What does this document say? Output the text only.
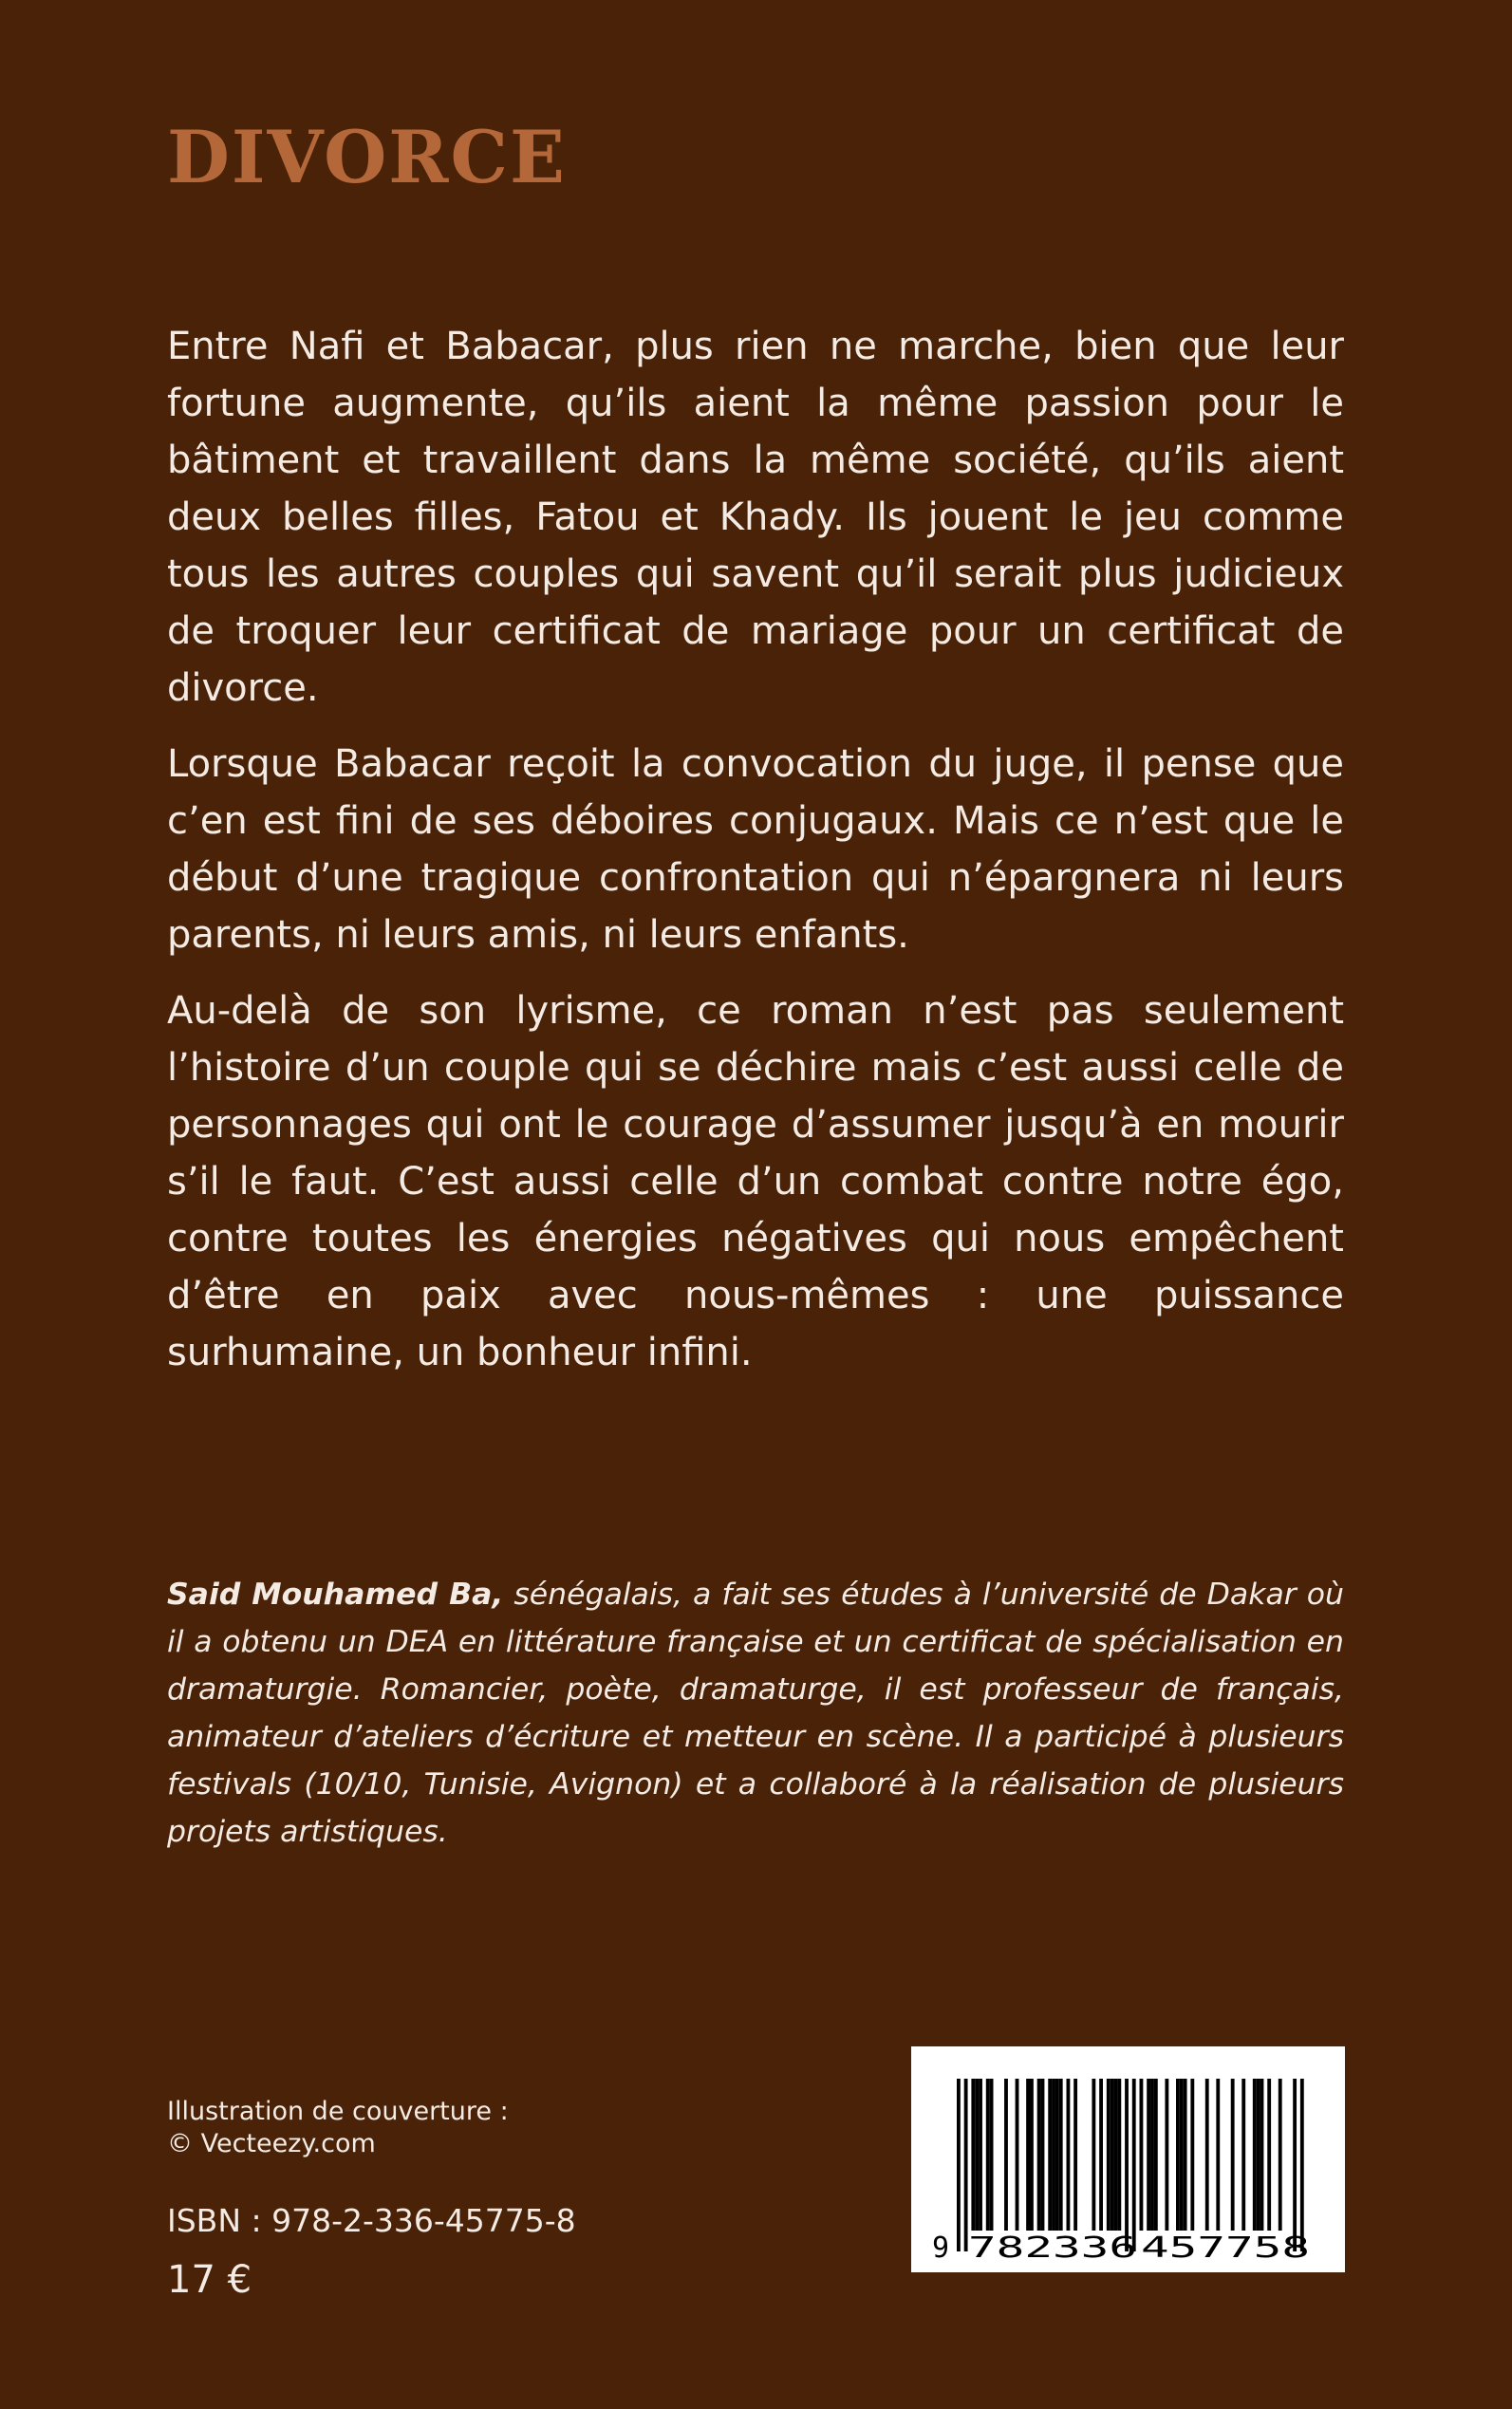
DIVORCE

Entre Nafi et Babacar, plus rien ne marche, bien que leur fortune augmente, qu’ils aient la même passion pour le bâtiment et travaillent dans la même société, qu’ils aient deux belles filles, Fatou et Khady. Ils jouent le jeu comme tous les autres couples qui savent qu’il serait plus judicieux de troquer leur certificat de mariage pour un certificat de divorce.

Lorsque Babacar reçoit la convocation du juge, il pense que c’en est fini de ses déboires conjugaux. Mais ce n’est que le début d’une tragique confrontation qui n’épargnera ni leurs parents, ni leurs amis, ni leurs enfants.

Au-delà de son lyrisme, ce roman n’est pas seulement l’histoire d’un couple qui se déchire mais c’est aussi celle de personnages qui ont le courage d’assumer jusqu’à en mourir s’il le faut. C’est aussi celle d’un combat contre notre égo, contre toutes les énergies négatives qui nous empêchent d’être en paix avec nous-mêmes : une puissance surhumaine, un bonheur infini.

Said Mouhamed Ba, sénégalais, a fait ses études à l’université de Dakar où il a obtenu un DEA en littérature française et un certificat de spécialisation en dramaturgie. Romancier, poète, dramaturge, il est professeur de français, animateur d’ateliers d’écriture et metteur en scène. Il a participé à plusieurs festivals (10/10, Tunisie, Avignon) et a collaboré à la réalisation de plusieurs projets artistiques.

Illustration de couverture :
© Vecteezy.com
ISBN : 978-2-336-45775-8
17 €
9 782336 457758
